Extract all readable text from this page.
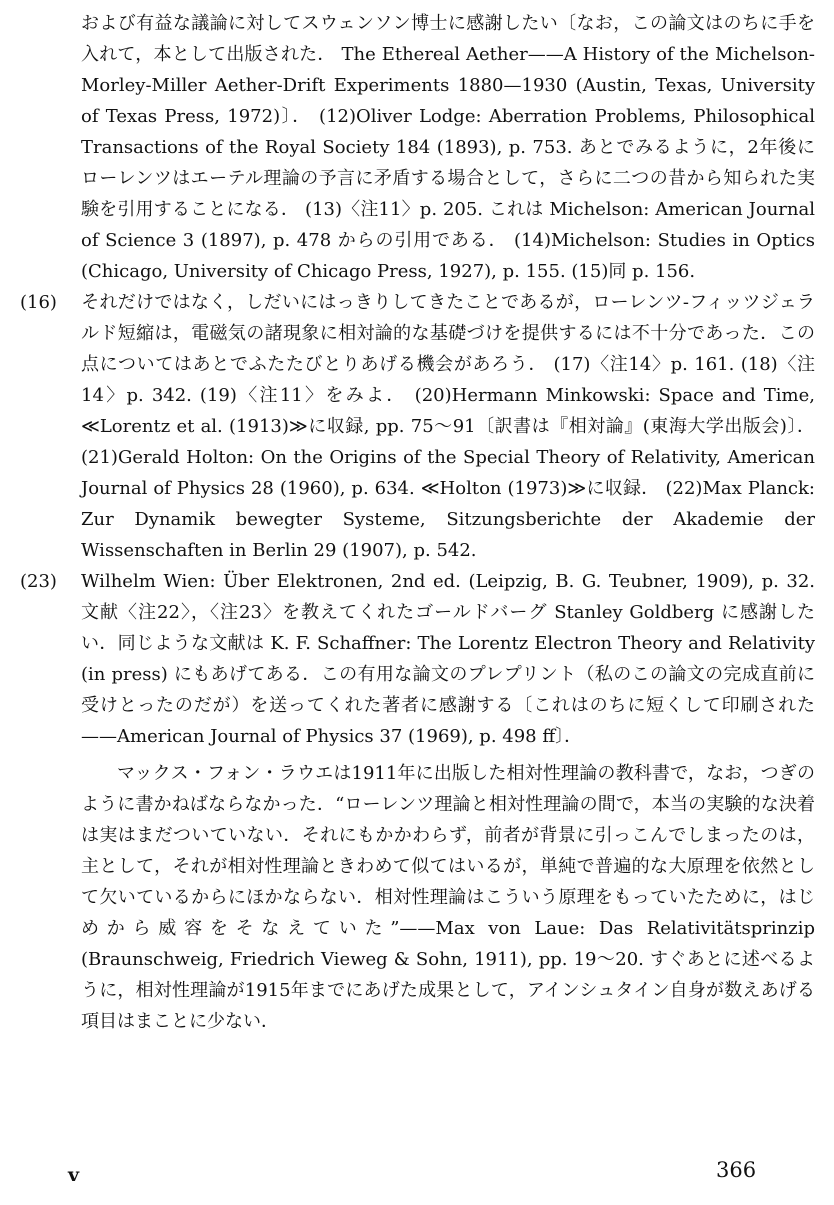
および有益な議論に対してスウェンソン博士に感謝したい〔なお，この論文はのちに手を入れて，本として出版された． The Ethereal Aether——A History of the Michelson-Morley-Miller Aether-Drift Experiments 1880—1930 (Austin, Texas, University of Texas Press, 1972)〕． (12)Oliver Lodge: Aberration Problems, Philosophical Transactions of the Royal Society 184 (1893), p. 753. あとでみるように，2年後にローレンツはエーテル理論の予言に矛盾する場合として，さらに二つの昔から知られた実験を引用することになる． (13)〈注11〉p. 205. これは Michelson: American Journal of Science 3 (1897), p. 478 からの引用である． (14)Michelson: Studies in Optics (Chicago, University of Chicago Press, 1927), p. 155. (15)同 p. 156.

(16) それだけではなく，しだいにはっきりしてきたことであるが，ローレンツ-フィッツジェラルド短縮は，電磁気の諸現象に相対論的な基礎づけを提供するには不十分であった．この点についてはあとでふたたびとりあげる機会があろう． (17)〈注14〉p. 161. (18)〈注14〉p. 342. (19)〈注11〉をみよ． (20)Hermann Minkowski: Space and Time, ≪Lorentz et al. (1913)≫に収録, pp. 75〜91〔訳書は『相対論』(東海大学出版会)〕． (21)Gerald Holton: On the Origins of the Special Theory of Relativity, American Journal of Physics 28 (1960), p. 634. ≪Holton (1973)≫に収録． (22)Max Planck: Zur Dynamik bewegter Systeme, Sitzungsberichte der Akademie der Wissenschaften in Berlin 29 (1907), p. 542.

(23) Wilhelm Wien: Über Elektronen, 2nd ed. (Leipzig, B. G. Teubner, 1909), p. 32. 文献〈注22〉，〈注23〉を教えてくれたゴールドバーグ Stanley Goldberg に感謝したい．同じような文献は K. F. Schaffner: The Lorentz Electron Theory and Relativity (in press) にもあげてある．この有用な論文のプレプリント（私のこの論文の完成直前に受けとったのだが）を送ってくれた著者に感謝する〔これはのちに短くして印刷された——American Journal of Physics 37 (1969), p. 498 ff〕．

マックス・フォン・ラウエは1911年に出版した相対性理論の教科書で，なお，つぎのように書かねばならなかった．“ローレンツ理論と相対性理論の間で，本当の実験的な決着は実はまだついていない．それにもかかわらず，前者が背景に引っこんでしまったのは，主として，それが相対性理論ときわめて似てはいるが，単純で普遍的な大原理を依然として欠いているからにほかならない．相対性理論はこういう原理をもっていたために，はじめから威容をそなえていた”——Max von Laue: Das Relativitätsprinzip (Braunschweig, Friedrich Vieweg & Sohn, 1911), pp. 19〜20. すぐあとに述べるように，相対性理論が1915年までにあげた成果として，アインシュタイン自身が数えあげる項目はまことに少ない．

v	366
